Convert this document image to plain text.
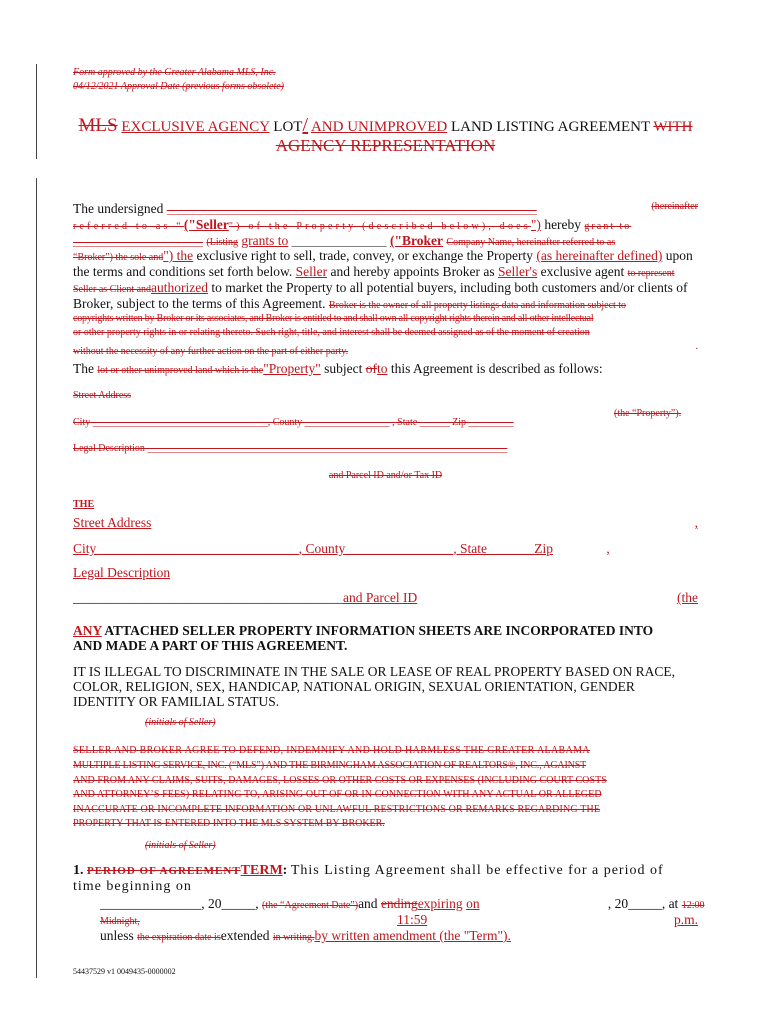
Form approved by the Greater Alabama MLS, Inc.
04/12/2021 Approval Date (previous forms obsolete)
MLS EXCLUSIVE AGENCY LOT/ AND UNIMPROVED LAND LISTING AGREEMENT WITH
AGENCY REPRESENTATION
The undersigned __________________________________________________________________________	(hereinafter
referred to as “("Seller") of the Property (described below), does") hereby grant to
__________________________ (Listing grants to ___________________ ("Broker Company Name, hereinafter referred to as
“Broker”) the sole and") the exclusive right to sell, trade, convey, or exchange the Property (as hereinafter defined) upon
the terms and conditions set forth below. Seller and hereby appoints Broker as Seller's exclusive agent to represent
Seller as Client andauthorized to market the Property to all potential buyers, including both customers and/or clients of
Broker, subject to the terms of this Agreement. Broker is the owner of all property listings data and information subject to
copyrights written by Broker or its associates, and Broker is entitled to and shall own all copyright rights therein and all other intellectual
or other property rights in or relating thereto. Such right, title, and interest shall be deemed assigned as of the moment of creation
without the necessity of any further action on the part of either party.	.
The lot or other unimproved land which is the"Property" subject ofto this Agreement is described as follows:
Street Address
City ___________________________________, County _________________ , State ______ Zip _________
(the “Property”).
Legal Description ________________________________________________________________________
and Parcel ID and/or Tax ID
THE
Street Address	,
City______________________________, County________________, State_______Zip	,
Legal Description
________________________________________and Parcel ID	(the
ANY ATTACHED SELLER PROPERTY INFORMATION SHEETS ARE INCORPORATED INTO
AND MADE A PART OF THIS AGREEMENT.
IT IS ILLEGAL TO DISCRIMINATE IN THE SALE OR LEASE OF REAL PROPERTY BASED ON RACE,
COLOR, RELIGION, SEX, HANDICAP, NATIONAL ORIGIN, SEXUAL ORIENTATION, GENDER
IDENTITY OR FAMILIAL STATUS.
(initials of Seller)
SELLER AND BROKER AGREE TO DEFEND, INDEMNIFY AND HOLD HARMLESS THE GREATER ALABAMA
MULTIPLE LISTING SERVICE, INC. (“MLS”) AND THE BIRMINGHAM ASSOCIATION OF REALTORS®, INC., AGAINST
AND FROM ANY CLAIMS, SUITS, DAMAGES, LOSSES OR OTHER COSTS OR EXPENSES (INCLUDING COURT COSTS
AND ATTORNEY’S FEES) RELATING TO, ARISING OUT OF OR IN CONNECTION WITH ANY ACTUAL OR ALLEGED
INACCURATE OR INCOMPLETE INFORMATION OR UNLAWFUL RESTRICTIONS OR REMARKS REGARDING THE
PROPERTY THAT IS ENTERED INTO THE MLS SYSTEM BY BROKER.
(initials of Seller)
1. PERIOD OF AGREEMENTTERM: This Listing Agreement shall be effective for a period of
time beginning on
_______________, 20_____, (the “Agreement Date”)and endingexpiring on___________________, 20_____, at 12:00
Midnight,	11:59	p.m.
unless the expiration date isextended in writing.by written amendment (the "Term").
54437529 v1 0049435-0000002
